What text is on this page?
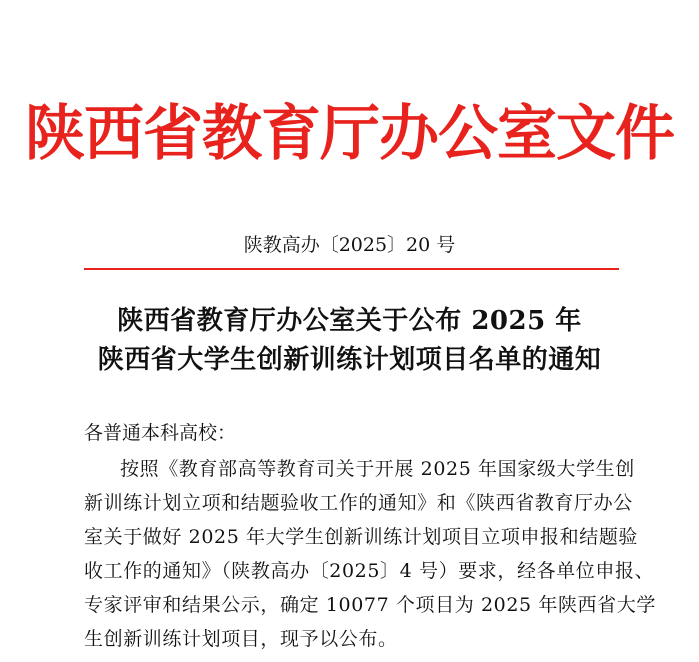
陕西省教育厅办公室文件
陕教高办〔2025〕20 号
陕西省教育厅办公室关于公布 2025 年
陕西省大学生创新训练计划项目名单的通知
各普通本科高校：
按照《教育部高等教育司关于开展 2025 年国家级大学生创
新训练计划立项和结题验收工作的通知》和《陕西省教育厅办公
室关于做好 2025 年大学生创新训练计划项目立项申报和结题验
收工作的通知》（陕教高办〔2025〕4 号）要求，经各单位申报、
专家评审和结果公示，确定 10077 个项目为 2025 年陕西省大学
生创新训练计划项目，现予以公布。
